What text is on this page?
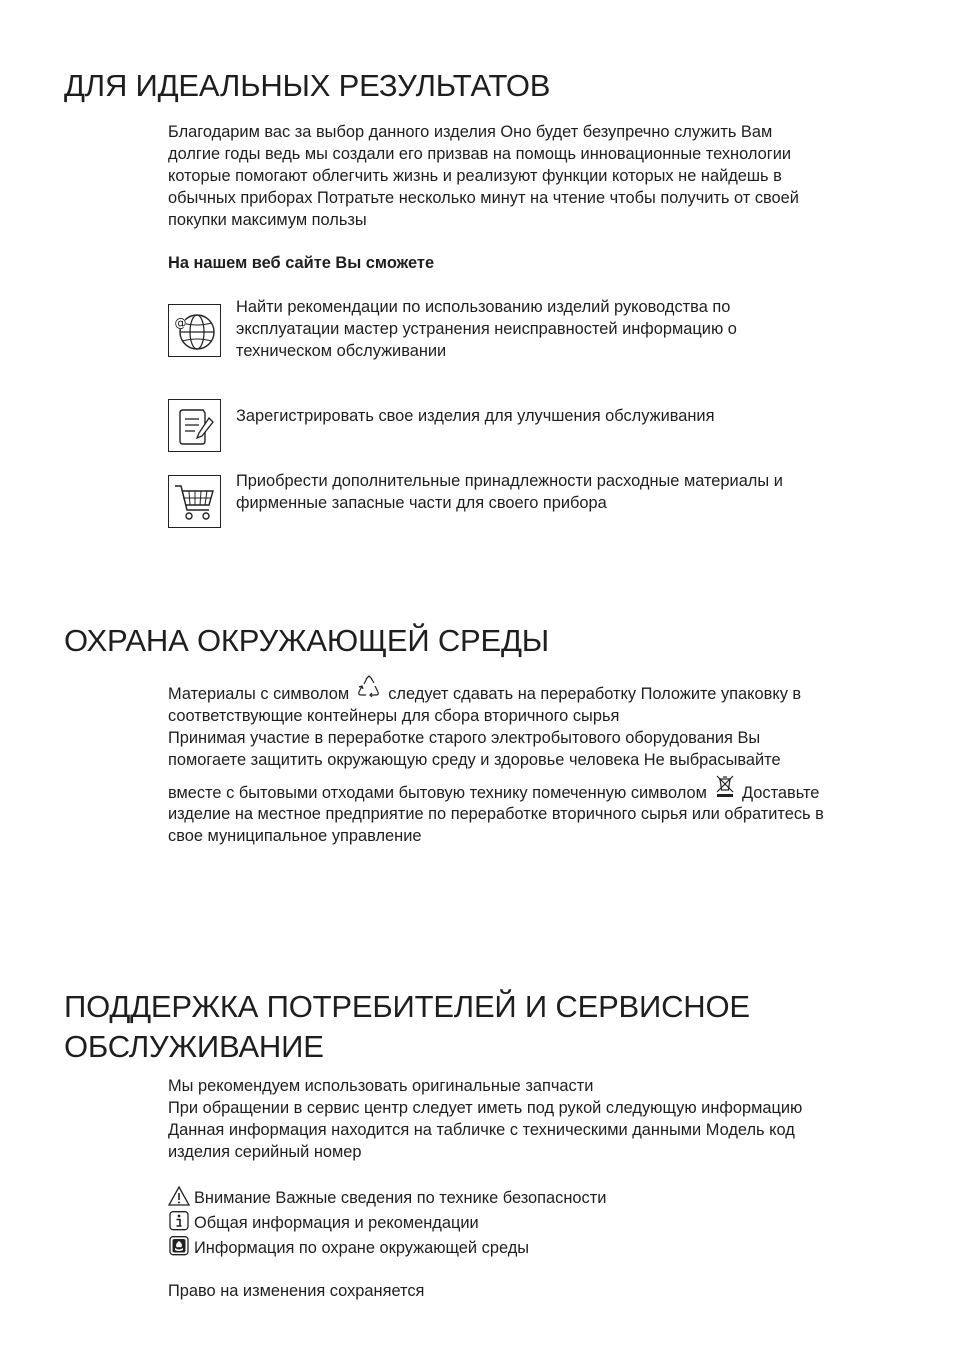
ДЛЯ ИДЕАЛЬНЫХ РЕЗУЛЬТАТОВ
Благодарим вас за выбор данного изделия Оно будет безупречно служить Вам
долгие годы ведь мы создали его призвав на помощь инновационные технологии
которые помогают облегчить жизнь и реализуют функции которых не найдешь в
обычных приборах Потратьте несколько минут на чтение чтобы получить от своей
покупки максимум пользы
На нашем веб сайте Вы сможете
@
Найти рекомендации по использованию изделий руководства по
эксплуатации мастер устранения неисправностей информацию о
техническом обслуживании
Зарегистрировать свое изделия для улучшения обслуживания
Приобрести дополнительные принадлежности расходные материалы и
фирменные запасные части для своего прибора
ОХРАНА ОКРУЖАЮЩЕЙ СРЕДЫ
Материалы с символом следует сдавать на переработку Положите упаковку в
соответствующие контейнеры для сбора вторичного сырья
Принимая участие в переработке старого электробытового оборудования Вы
помогаете защитить окружающую среду и здоровье человека Не выбрасывайте
вместе с бытовыми отходами бытовую технику помеченную символом Доставьте
изделие на местное предприятие по переработке вторичного сырья или обратитесь в
свое муниципальное управление
ПОДДЕРЖКА ПОТРЕБИТЕЛЕЙ И СЕРВИСНОЕ
ОБСЛУЖИВАНИЕ
Мы рекомендуем использовать оригинальные запчасти
При обращении в сервис центр следует иметь под рукой следующую информацию
Данная информация находится на табличке с техническими данными Модель код
изделия серийный номер
Внимание Важные сведения по технике безопасности
Общая информация и рекомендации
Информация по охране окружающей среды
Право на изменения сохраняется
